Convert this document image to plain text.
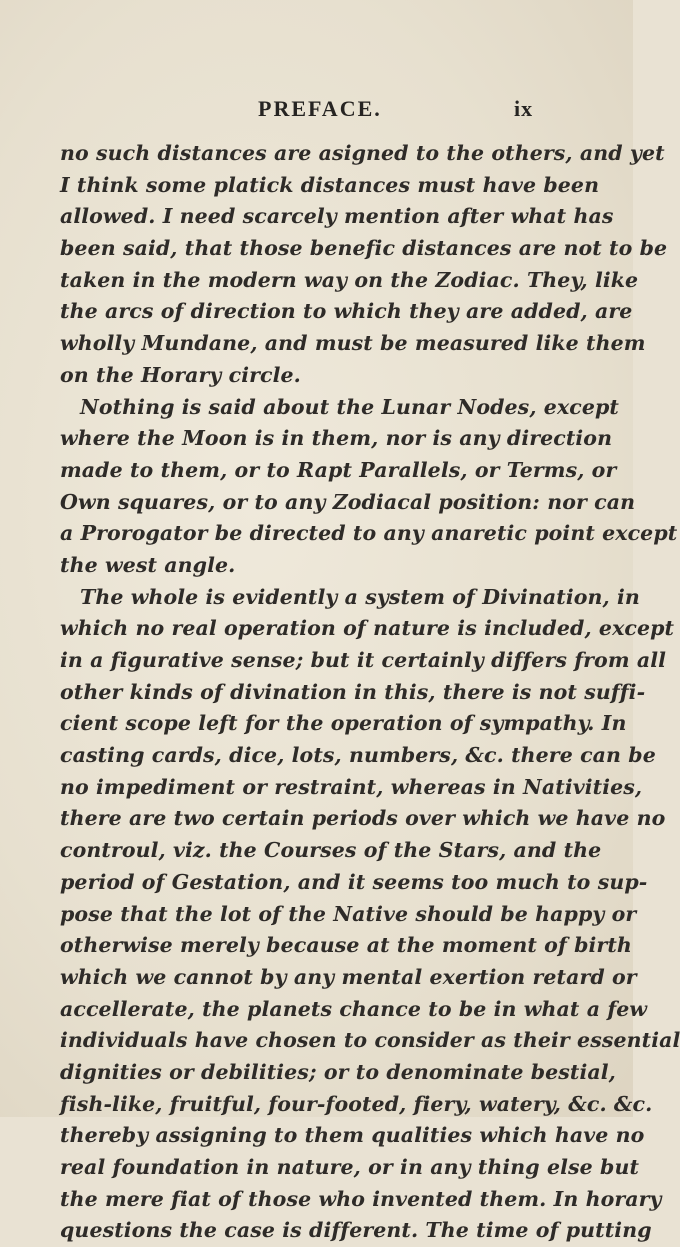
PREFACE.	ix
no such distances are asigned to the others, and yet
I think some platick distances must have been
allowed. I need scarcely mention after what has
been said, that those benefic distances are not to be
taken in the modern way on the Zodiac. They, like
the arcs of direction to which they are added, are
wholly Mundane, and must be measured like them
on the Horary circle.
Nothing is said about the Lunar Nodes, except
where the Moon is in them, nor is any direction
made to them, or to Rapt Parallels, or Terms, or
Own squares, or to any Zodiacal position: nor can
a Prorogator be directed to any anaretic point except
the west angle.
The whole is evidently a system of Divination, in
which no real operation of nature is included, except
in a figurative sense; but it certainly differs from all
other kinds of divination in this, there is not suffi-
cient scope left for the operation of sympathy. In
casting cards, dice, lots, numbers, &c. there can be
no impediment or restraint, whereas in Nativities,
there are two certain periods over which we have no
controul, viz. the Courses of the Stars, and the
period of Gestation, and it seems too much to sup-
pose that the lot of the Native should be happy or
otherwise merely because at the moment of birth
which we cannot by any mental exertion retard or
accellerate, the planets chance to be in what a few
individuals have chosen to consider as their essential
dignities or debilities; or to denominate bestial,
fish-like, fruitful, four-footed, fiery, watery, &c. &c.
thereby assigning to them qualities which have no
real foundation in nature, or in any thing else but
the mere fiat of those who invented them. In horary
questions the case is different. The time of putting
